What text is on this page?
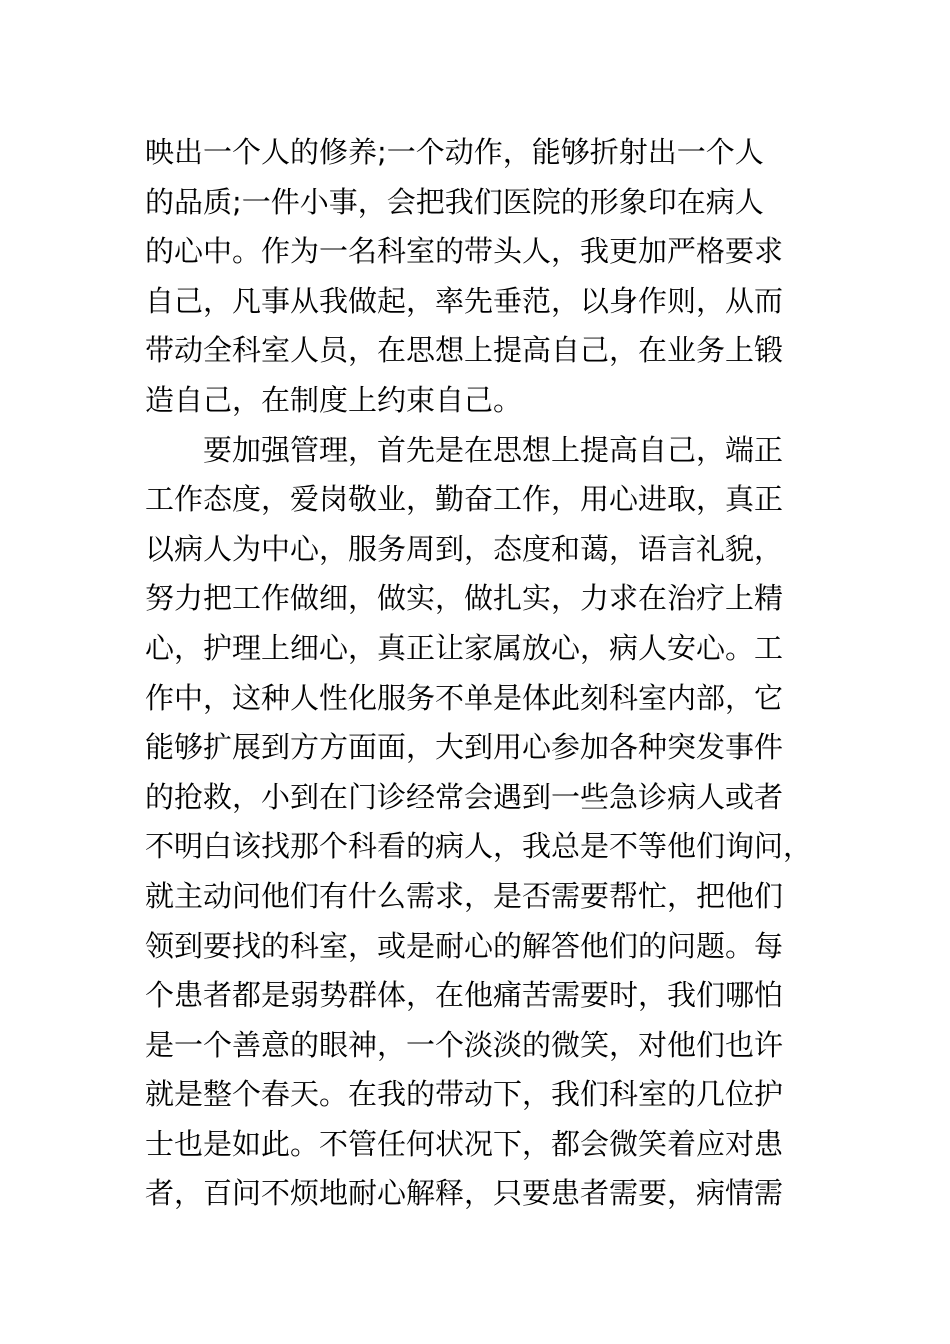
映出一个人的修养;一个动作，能够折射出一个人
的品质;一件小事，会把我们医院的形象印在病人
的心中。作为一名科室的带头人，我更加严格要求
自己，凡事从我做起，率先垂范，以身作则，从而
带动全科室人员，在思想上提高自己，在业务上锻
造自己，在制度上约束自己。
要加强管理，首先是在思想上提高自己，端正
工作态度，爱岗敬业，勤奋工作，用心进取，真正
以病人为中心，服务周到，态度和蔼，语言礼貌，
努力把工作做细，做实，做扎实，力求在治疗上精
心，护理上细心，真正让家属放心，病人安心。工
作中，这种人性化服务不单是体此刻科室内部，它
能够扩展到方方面面，大到用心参加各种突发事件
的抢救，小到在门诊经常会遇到一些急诊病人或者
不明白该找那个科看的病人，我总是不等他们询问，
就主动问他们有什么需求，是否需要帮忙，把他们
领到要找的科室，或是耐心的解答他们的问题。每
个患者都是弱势群体，在他痛苦需要时，我们哪怕
是一个善意的眼神，一个淡淡的微笑，对他们也许
就是整个春天。在我的带动下，我们科室的几位护
士也是如此。不管任何状况下，都会微笑着应对患
者，百问不烦地耐心解释，只要患者需要，病情需
